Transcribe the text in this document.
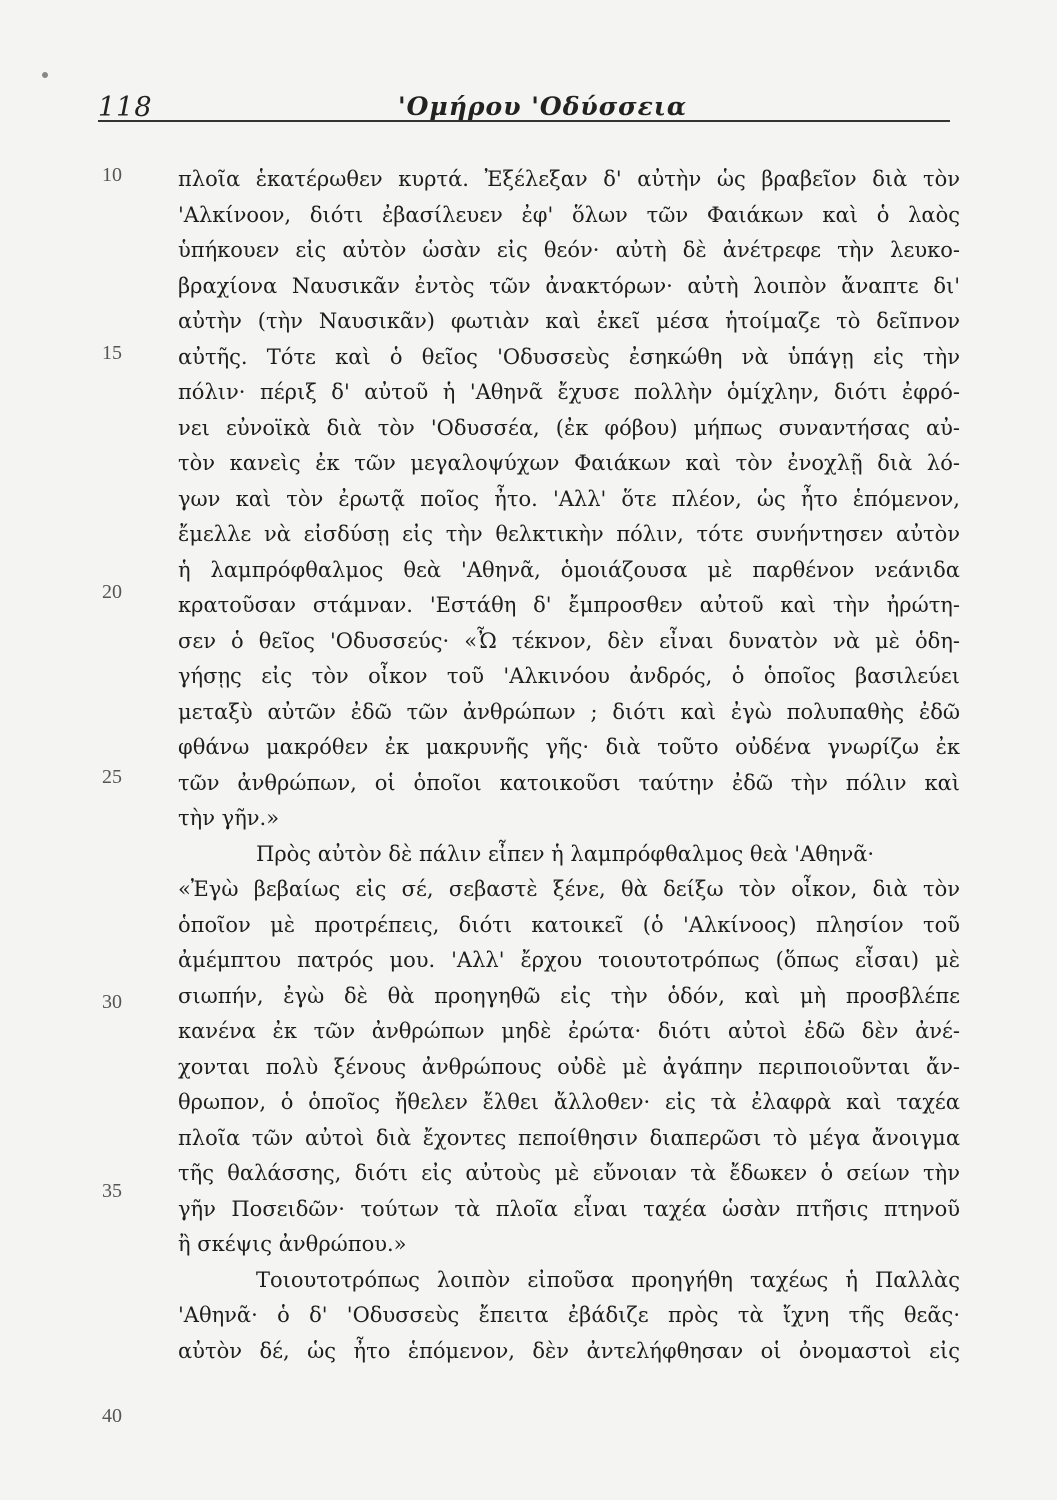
118	'Ομήρου 'Οδύσσεια
10
15
20
25
30
35
40
πλοῖα ἑκατέρωθεν κυρτά. Ἐξέλεξαν δ' αὐτὴν ὡς βραβεῖον διὰ τὸν
'Αλκίνοον, διότι ἐβασίλευεν ἐφ' ὅλων τῶν Φαιάκων καὶ ὁ λαὸς
ὑπήκουεν εἰς αὐτὸν ὡσὰν εἰς θεόν· αὐτὴ δὲ ἀνέτρεφε τὴν λευκο-
βραχίονα Ναυσικᾶν ἐντὸς τῶν ἀνακτόρων· αὐτὴ λοιπὸν ἄναπτε δι'
αὐτὴν (τὴν Ναυσικᾶν) φωτιὰν καὶ ἐκεῖ μέσα ἡτοίμαζε τὸ δεῖπνον
αὐτῆς. Τότε καὶ ὁ θεῖος 'Οδυσσεὺς ἐσηκώθη νὰ ὑπάγῃ εἰς τὴν
πόλιν· πέριξ δ' αὐτοῦ ἡ 'Αθηνᾶ ἔχυσε πολλὴν ὁμίχλην, διότι ἐφρό-
νει εὐνοϊκὰ διὰ τὸν 'Οδυσσέα, (ἐκ φόβου) μήπως συναντήσας αὐ-
τὸν κανεὶς ἐκ τῶν μεγαλοψύχων Φαιάκων καὶ τὸν ἐνοχλῇ διὰ λό-
γων καὶ τὸν ἐρωτᾷ ποῖος ἦτο. 'Αλλ' ὅτε πλέον, ὡς ἦτο ἑπόμενον,
ἔμελλε νὰ εἰσδύσῃ εἰς τὴν θελκτικὴν πόλιν, τότε συνήντησεν αὐτὸν
ἡ λαμπρόφθαλμος θεὰ 'Αθηνᾶ, ὁμοιάζουσα μὲ παρθένον νεάνιδα
κρατοῦσαν στάμναν. 'Εστάθη δ' ἔμπροσθεν αὐτοῦ καὶ τὴν ἠρώτη-
σεν ὁ θεῖος 'Οδυσσεύς· «Ὦ τέκνον, δὲν εἶναι δυνατὸν νὰ μὲ ὁδη-
γήσῃς εἰς τὸν οἶκον τοῦ 'Αλκινόου ἀνδρός, ὁ ὁποῖος βασιλεύει
μεταξὺ αὐτῶν ἐδῶ τῶν ἀνθρώπων ; διότι καὶ ἐγὼ πολυπαθὴς ἐδῶ
φθάνω μακρόθεν ἐκ μακρυνῆς γῆς· διὰ τοῦτο οὐδένα γνωρίζω ἐκ
τῶν ἀνθρώπων, οἱ ὁποῖοι κατοικοῦσι ταύτην ἐδῶ τὴν πόλιν καὶ
τὴν γῆν.»
Πρὸς αὐτὸν δὲ πάλιν εἶπεν ἡ λαμπρόφθαλμος θεὰ 'Αθηνᾶ·
«Ἐγὼ βεβαίως εἰς σέ, σεβαστὲ ξένε, θὰ δείξω τὸν οἶκον, διὰ τὸν
ὁποῖον μὲ προτρέπεις, διότι κατοικεῖ (ὁ 'Αλκίνοος) πλησίον τοῦ
ἀμέμπτου πατρός μου. 'Αλλ' ἔρχου τοιουτοτρόπως (ὅπως εἶσαι) μὲ
σιωπήν, ἐγὼ δὲ θὰ προηγηθῶ εἰς τὴν ὁδόν, καὶ μὴ προσβλέπε
κανένα ἐκ τῶν ἀνθρώπων μηδὲ ἐρώτα· διότι αὐτοὶ ἐδῶ δὲν ἀνέ-
χονται πολὺ ξένους ἀνθρώπους οὐδὲ μὲ ἀγάπην περιποιοῦνται ἄν-
θρωπον, ὁ ὁποῖος ἤθελεν ἔλθει ἄλλοθεν· εἰς τὰ ἐλαφρὰ καὶ ταχέα
πλοῖα τῶν αὐτοὶ διὰ ἔχοντες πεποίθησιν διαπερῶσι τὸ μέγα ἄνοιγμα
τῆς θαλάσσης, διότι εἰς αὐτοὺς μὲ εὔνοιαν τὰ ἔδωκεν ὁ σείων τὴν
γῆν Ποσειδῶν· τούτων τὰ πλοῖα εἶναι ταχέα ὡσὰν πτῆσις πτηνοῦ
ἢ σκέψις ἀνθρώπου.»
Τοιουτοτρόπως λοιπὸν εἰποῦσα προηγήθη ταχέως ἡ Παλλὰς
'Αθηνᾶ· ὁ δ' 'Οδυσσεὺς ἔπειτα ἐβάδιζε πρὸς τὰ ἴχνη τῆς θεᾶς·
αὐτὸν δέ, ὡς ἦτο ἑπόμενον, δὲν ἀντελήφθησαν οἱ ὀνομαστοὶ εἰς
